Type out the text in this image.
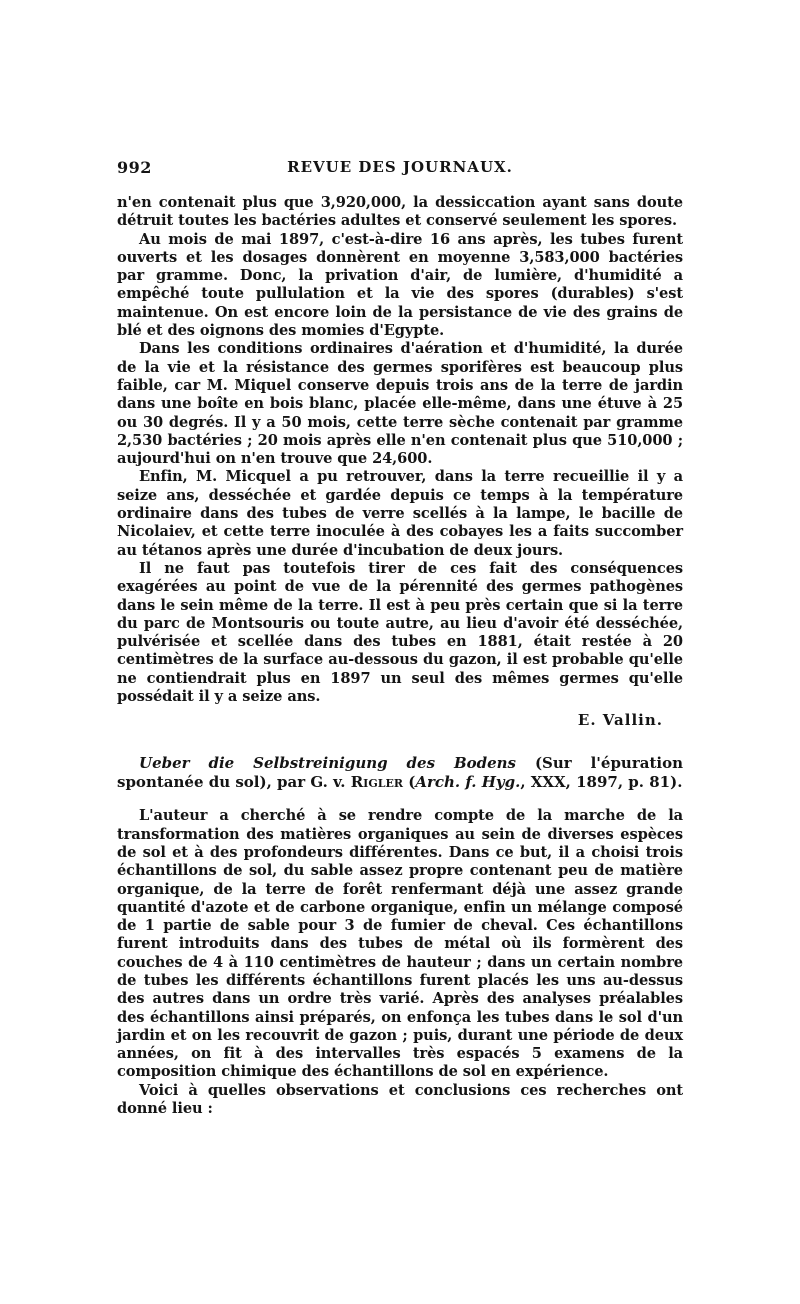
992	REVUE DES JOURNAUX.

n'en contenait plus que 3,920,000, la dessiccation ayant sans doute détruit toutes les bactéries adultes et conservé seulement les spores.

Au mois de mai 1897, c'est-à-dire 16 ans après, les tubes furent ouverts et les dosages donnèrent en moyenne 3,583,000 bactéries par gramme. Donc, la privation d'air, de lumière, d'humidité a empêché toute pullulation et la vie des spores (durables) s'est maintenue. On est encore loin de la persistance de vie des grains de blé et des oignons des momies d'Egypte.

Dans les conditions ordinaires d'aération et d'humidité, la durée de la vie et la résistance des germes sporifères est beaucoup plus faible, car M. Miquel conserve depuis trois ans de la terre de jardin dans une boîte en bois blanc, placée elle-même, dans une étuve à 25 ou 30 degrés. Il y a 50 mois, cette terre sèche contenait par gramme 2,530 bactéries ; 20 mois après elle n'en contenait plus que 510,000 ; aujourd'hui on n'en trouve que 24,600.

Enfin, M. Micquel a pu retrouver, dans la terre recueillie il y a seize ans, desséchée et gardée depuis ce temps à la température ordinaire dans des tubes de verre scellés à la lampe, le bacille de Nicolaiev, et cette terre inoculée à des cobayes les a faits succomber au tétanos après une durée d'incubation de deux jours.

Il ne faut pas toutefois tirer de ces fait des conséquences exagérées au point de vue de la pérennité des germes pathogènes dans le sein même de la terre. Il est à peu près certain que si la terre du parc de Montsouris ou toute autre, au lieu d'avoir été desséchée, pulvérisée et scellée dans des tubes en 1881, était restée à 20 centimètres de la surface au-dessous du gazon, il est probable qu'elle ne contiendrait plus en 1897 un seul des mêmes germes qu'elle possédait il y a seize ans.

E. Vallin.

Ueber die Selbstreinigung des Bodens (Sur l'épuration spontanée du sol), par G. v. Rigler (Arch. f. Hyg., XXX, 1897, p. 81).

L'auteur a cherché à se rendre compte de la marche de la transformation des matières organiques au sein de diverses espèces de sol et à des profondeurs différentes. Dans ce but, il a choisi trois échantillons de sol, du sable assez propre contenant peu de matière organique, de la terre de forêt renfermant déjà une assez grande quantité d'azote et de carbone organique, enfin un mélange composé de 1 partie de sable pour 3 de fumier de cheval. Ces échantillons furent introduits dans des tubes de métal où ils formèrent des couches de 4 à 110 centimètres de hauteur ; dans un certain nombre de tubes les différents échantillons furent placés les uns au-dessus des autres dans un ordre très varié. Après des analyses préalables des échantillons ainsi préparés, on enfonça les tubes dans le sol d'un jardin et on les recouvrit de gazon ; puis, durant une période de deux années, on fit à des intervalles très espacés 5 examens de la composition chimique des échantillons de sol en expérience.

Voici à quelles observations et conclusions ces recherches ont donné lieu :
